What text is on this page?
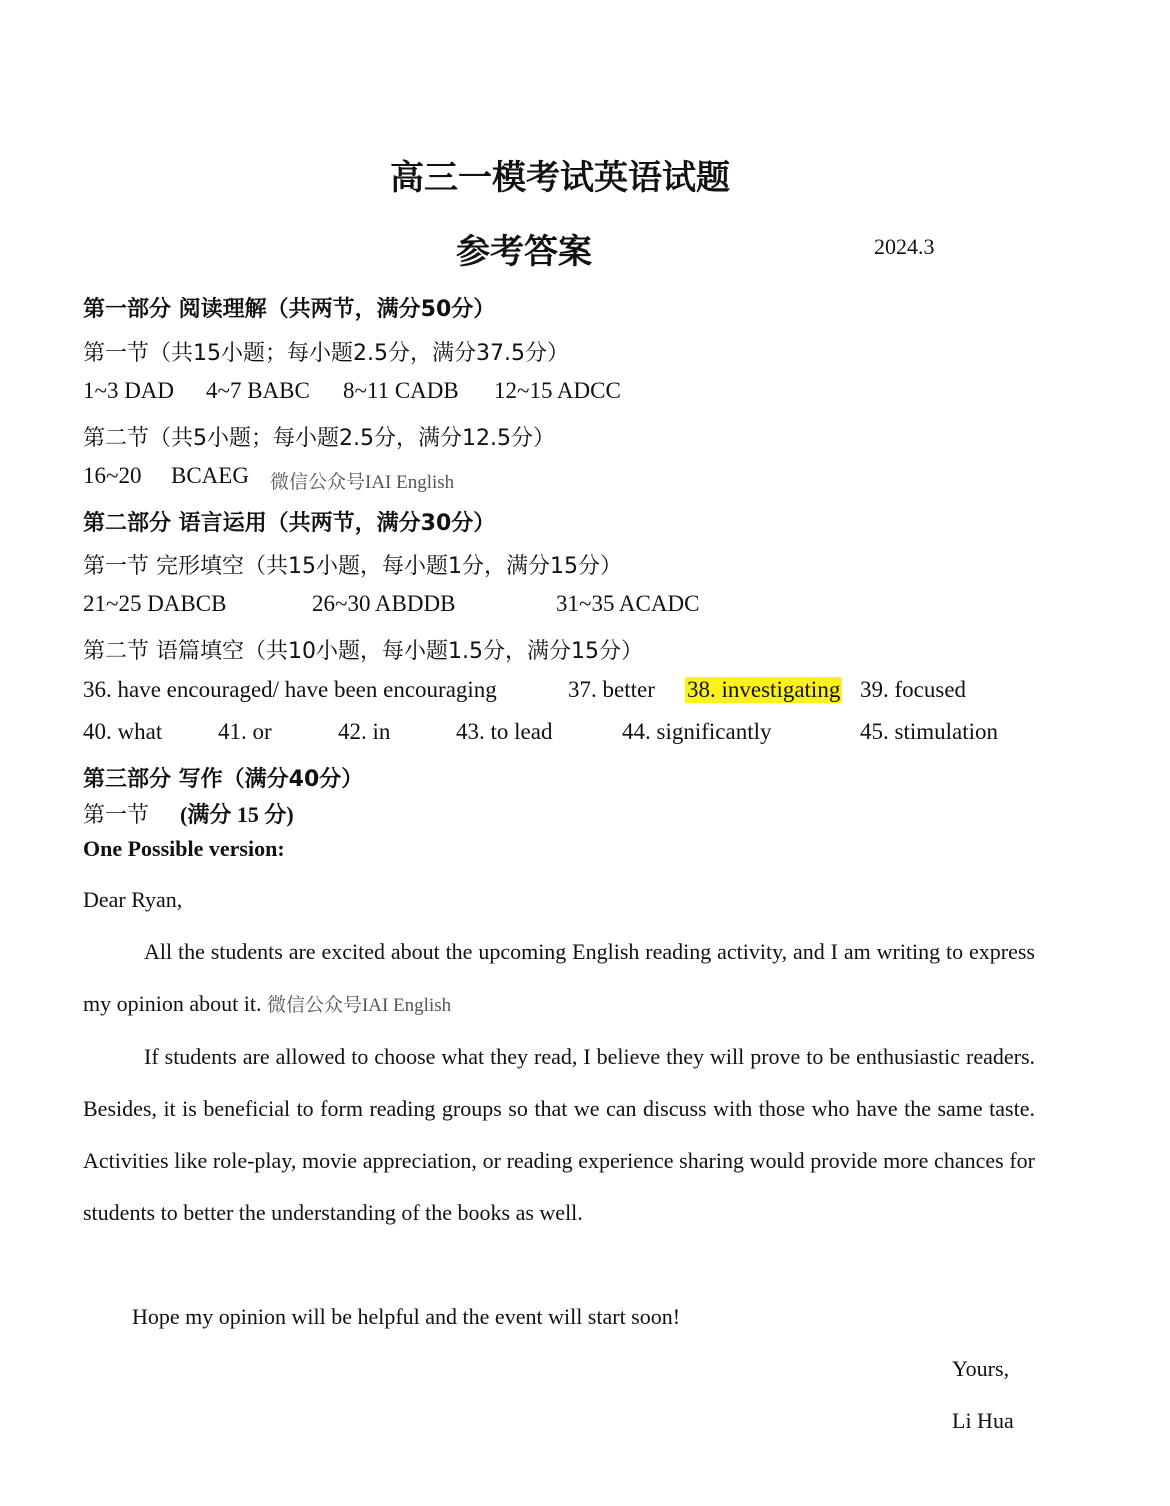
高三一模考试英语试题
参考答案	2024.3
第一部分 阅读理解（共两节，满分50分）
第一节（共15小题；每小题2.5分，满分37.5分）
1~3 DAD 4~7 BABC 8~11 CADB 12~15 ADCC
第二节（共5小题；每小题2.5分，满分12.5分）
16~20 BCAEG 微信公众号IAI English
第二部分 语言运用（共两节，满分30分）
第一节 完形填空（共15小题，每小题1分，满分15分）
21~25 DABCB	26~30 ABDDB	31~35 ACADC
第二节 语篇填空（共10小题，每小题1.5分，满分15分）
36. have encouraged/ have been encouraging	37. better 38. investigating 39. focused
40. what 41. or	42. in	43. to lead	44. significantly	45. stimulation
第三部分 写作（满分40分）
第一节 (满分 15 分)
One Possible version:
Dear Ryan,
All the students are excited about the upcoming English reading activity, and I am writing to express my opinion about it. 微信公众号IAI English
If students are allowed to choose what they read, I believe they will prove to be enthusiastic readers. Besides, it is beneficial to form reading groups so that we can discuss with those who have the same taste. Activities like role-play, movie appreciation, or reading experience sharing would provide more chances for students to better the understanding of the books as well.
Hope my opinion will be helpful and the event will start soon!
Yours,
Li Hua
